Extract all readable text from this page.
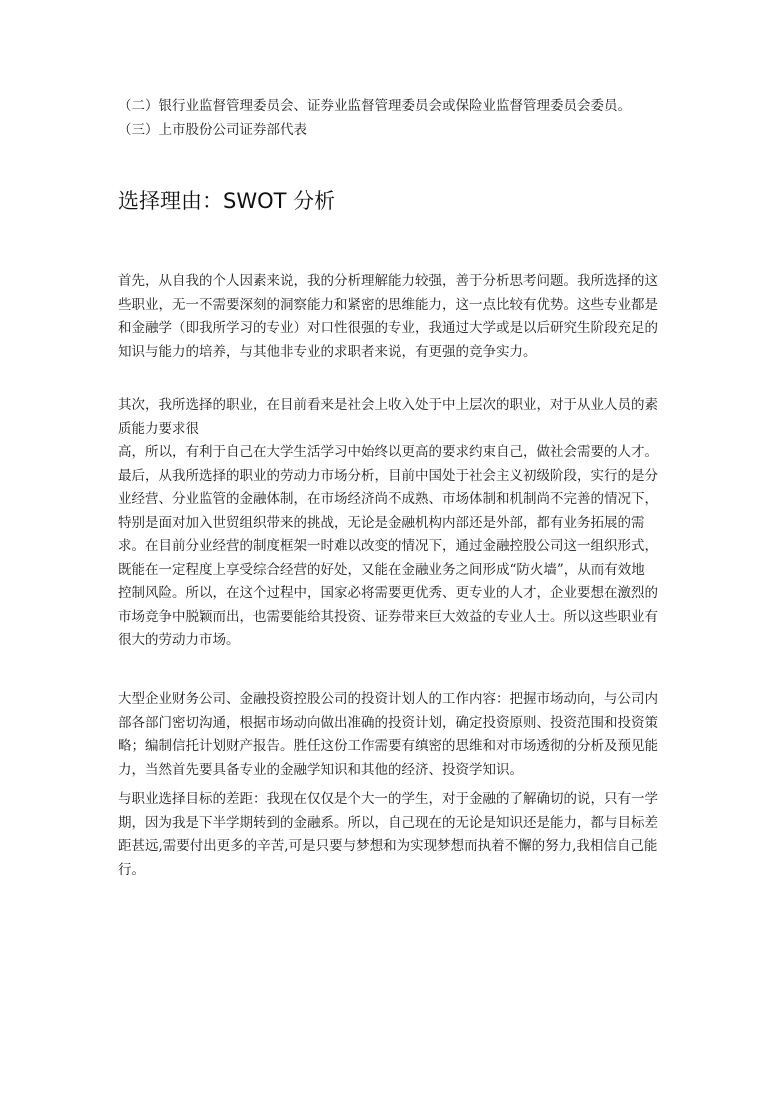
（二）银行业监督管理委员会、证券业监督管理委员会或保险业监督管理委员会委员。

（三）上市股份公司证券部代表

选择理由：SWOT 分析

首先，从自我的个人因素来说，我的分析理解能力较强，善于分析思考问题。我所选择的这些职业，无一不需要深刻的洞察能力和紧密的思维能力，这一点比较有优势。这些专业都是和金融学（即我所学习的专业）对口性很强的专业，我通过大学或是以后研究生阶段充足的知识与能力的培养，与其他非专业的求职者来说，有更强的竞争实力。

其次，我所选择的职业，在目前看来是社会上收入处于中上层次的职业，对于从业人员的素质能力要求很

高，所以，有利于自己在大学生活学习中始终以更高的要求约束自己，做社会需要的人才。

最后，从我所选择的职业的劳动力市场分析，目前中国处于社会主义初级阶段，实行的是分业经营、分业监管的金融体制，在市场经济尚不成熟、市场体制和机制尚不完善的情况下，特别是面对加入世贸组织带来的挑战，无论是金融机构内部还是外部，都有业务拓展的需求。在目前分业经营的制度框架一时难以改变的情况下，通过金融控股公司这一组织形式，既能在一定程度上享受综合经营的好处，又能在金融业务之间形成“防火墙”，从而有效地控制风险。所以，在这个过程中，国家必将需要更优秀、更专业的人才，企业要想在激烈的市场竞争中脱颖而出，也需要能给其投资、证券带来巨大效益的专业人士。所以这些职业有很大的劳动力市场。

大型企业财务公司、金融投资控股公司的投资计划人的工作内容：把握市场动向，与公司内部各部门密切沟通，根据市场动向做出准确的投资计划，确定投资原则、投资范围和投资策略；编制信托计划财产报告。胜任这份工作需要有缜密的思维和对市场透彻的分析及预见能力，当然首先要具备专业的金融学知识和其他的经济、投资学知识。

与职业选择目标的差距：我现在仅仅是个大一的学生，对于金融的了解确切的说，只有一学期，因为我是下半学期转到的金融系。所以，自己现在的无论是知识还是能力，都与目标差距甚远,需要付出更多的辛苦,可是只要与梦想和为实现梦想而执着不懈的努力,我相信自己能行。
